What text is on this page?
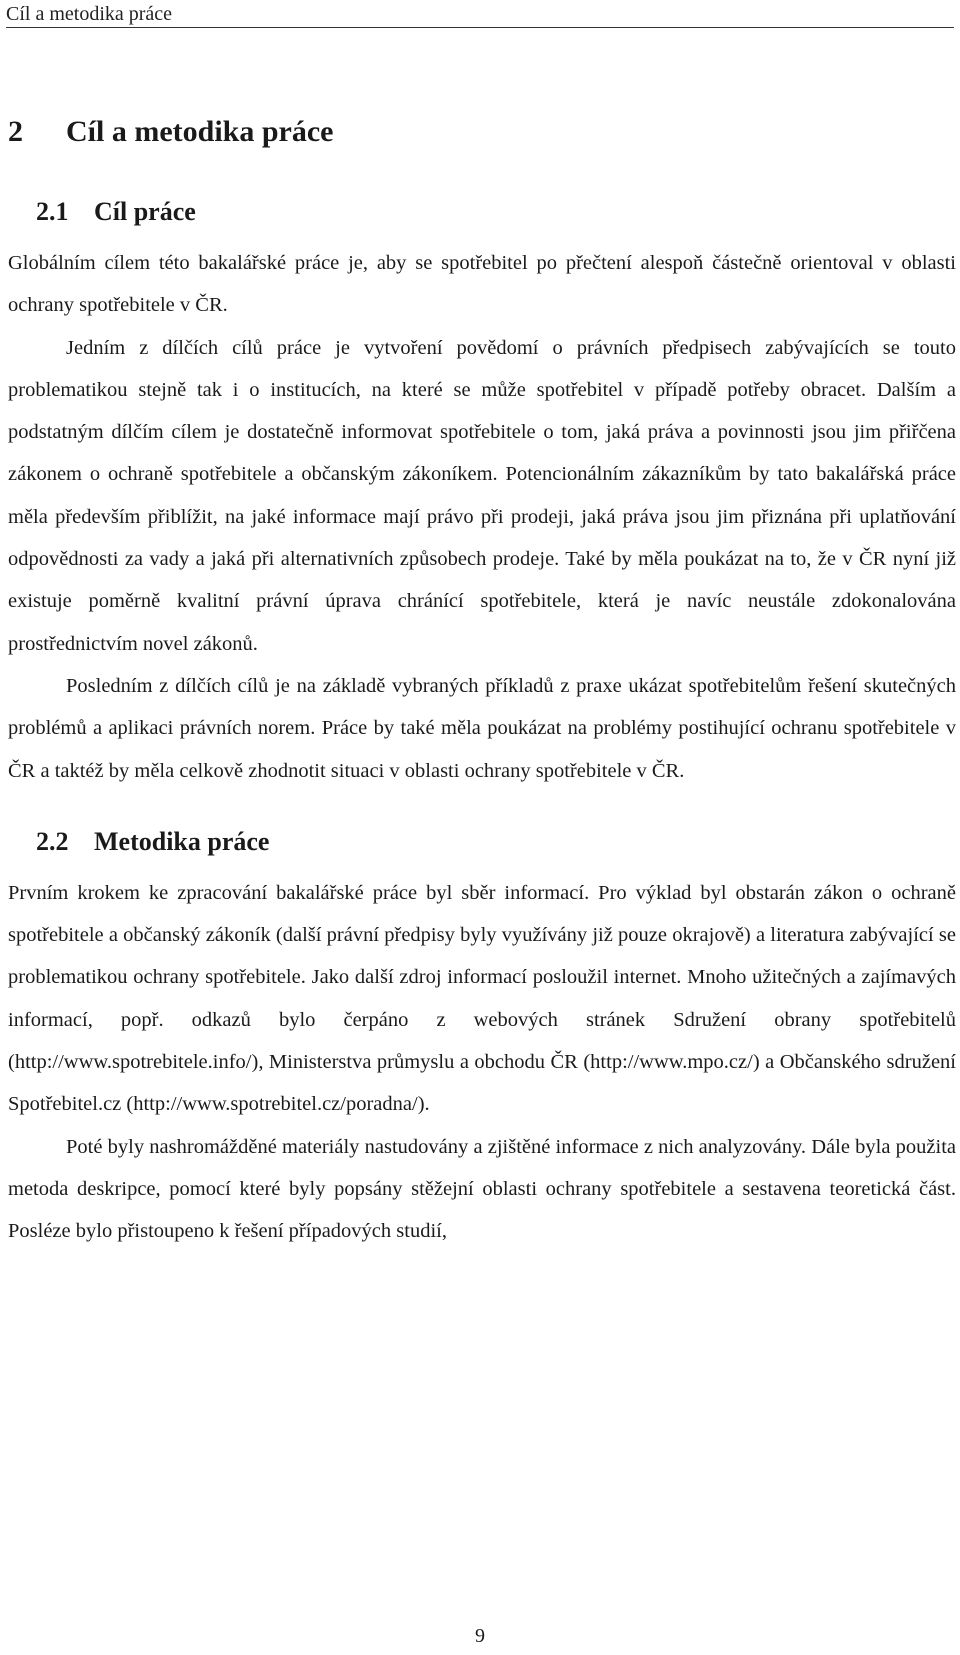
Cíl a metodika práce
2 Cíl a metodika práce
2.1 Cíl práce

Globálním cílem této bakalářské práce je, aby se spotřebitel po přečtení alespoň částečně orientoval v oblasti ochrany spotřebitele v ČR.

Jedním z dílčích cílů práce je vytvoření povědomí o právních předpisech zabývajících se touto problematikou stejně tak i o institucích, na které se může spotřebitel v případě potřeby obracet. Dalším a podstatným dílčím cílem je dostatečně informovat spotřebitele o tom, jaká práva a povinnosti jsou jim přiřčena zákonem o ochraně spotřebitele a občanským zákoníkem. Potencionálním zákazníkům by tato bakalářská práce měla především přiblížit, na jaké informace mají právo při prodeji, jaká práva jsou jim přiznána při uplatňování odpovědnosti za vady a jaká při alternativních způsobech prodeje. Také by měla poukázat na to, že v ČR nyní již existuje poměrně kvalitní právní úprava chránící spotřebitele, která je navíc neustále zdokonalována prostřednictvím novel zákonů.

Posledním z dílčích cílů je na základě vybraných příkladů z praxe ukázat spotřebitelům řešení skutečných problémů a aplikaci právních norem. Práce by také měla poukázat na problémy postihující ochranu spotřebitele v ČR a taktéž by měla celkově zhodnotit situaci v oblasti ochrany spotřebitele v ČR.

2.2 Metodika práce

Prvním krokem ke zpracování bakalářské práce byl sběr informací. Pro výklad byl obstarán zákon o ochraně spotřebitele a občanský zákoník (další právní předpisy byly využívány již pouze okrajově) a literatura zabývající se problematikou ochrany spotřebitele. Jako další zdroj informací posloužil internet. Mnoho užitečných a zajímavých informací, popř. odkazů bylo čerpáno z webových stránek Sdružení obrany spotřebitelů (http://www.spotrebitele.info/), Ministerstva průmyslu a obchodu ČR (http://www.mpo.cz/) a Občanského sdružení Spotřebitel.cz (http://www.spotrebitel.cz/poradna/).

Poté byly nashromážděné materiály nastudovány a zjištěné informace z nich analyzovány. Dále byla použita metoda deskripce, pomocí které byly popsány stěžejní oblasti ochrany spotřebitele a sestavena teoretická část. Posléze bylo přistoupeno k řešení případových studií,

9
